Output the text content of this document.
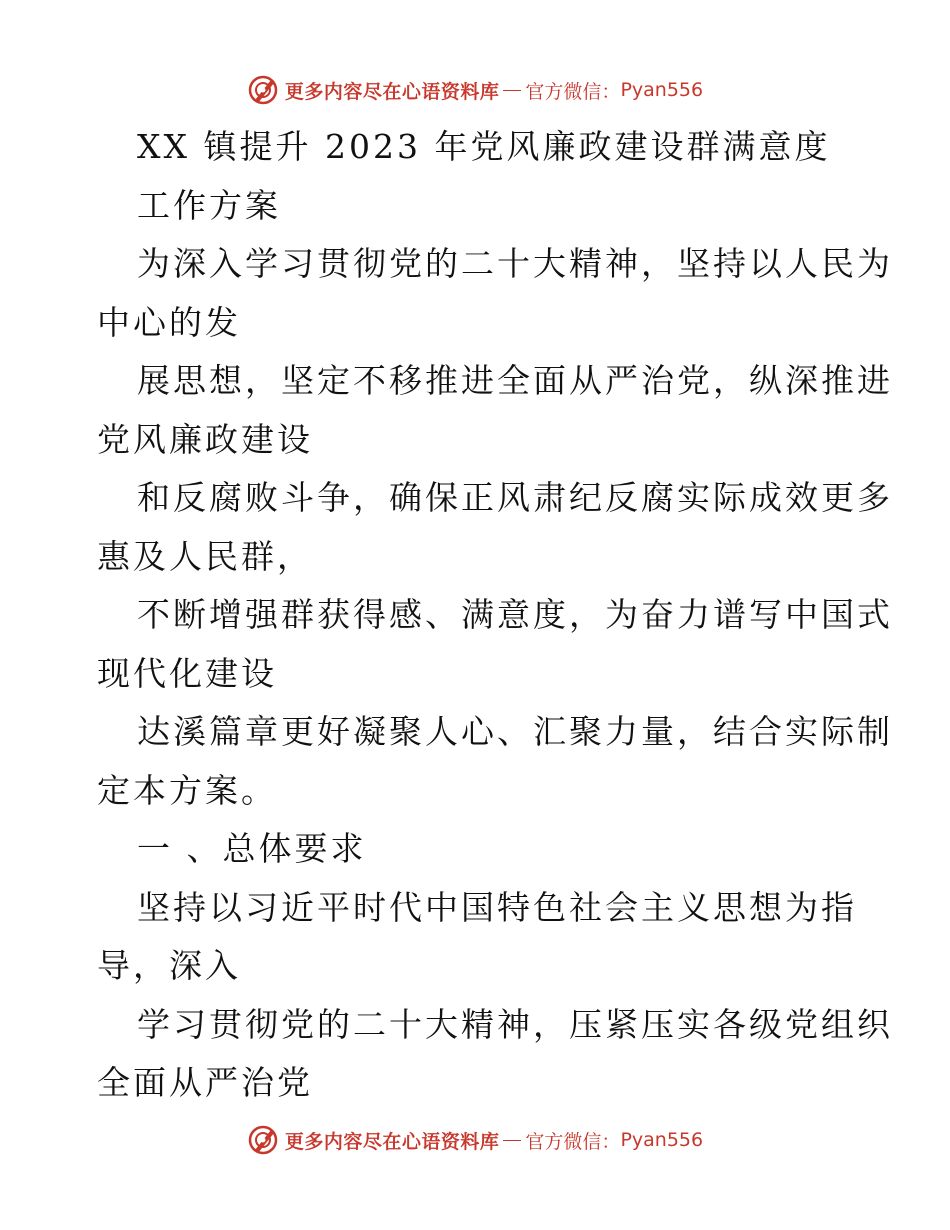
更多内容尽在心语资料库 官方微信： Pyan556
XX 镇提升 2023 年党风廉政建设群满意度
工作方案
为深入学习贯彻党的二十大精神，坚持以人民为
中心的发
展思想，坚定不移推进全面从严治党，纵深推进
党风廉政建设
和反腐败斗争，确保正风肃纪反腐实际成效更多
惠及人民群，
不断增强群获得感、满意度，为奋力谱写中国式
现代化建设
达溪篇章更好凝聚人心、汇聚力量，结合实际制
定本方案。
一 、总体要求
坚持以习近平时代中国特色社会主义思想为指
导，深入
学习贯彻党的二十大精神，压紧压实各级党组织
全面从严治党
更多内容尽在心语资料库 官方微信： Pyan556
